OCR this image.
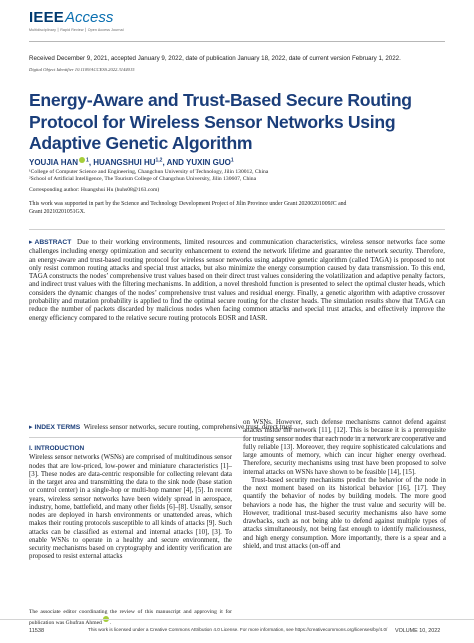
IEEEAccess
Multidisciplinary ⎮ Rapid Review ⎮ Open Access Journal
Received December 9, 2021, accepted January 9, 2022, date of publication January 18, 2022, date of current version February 1, 2022.
Digital Object Identifier 10.1109/ACCESS.2022.3144015
Energy-Aware and Trust-Based Secure Routing Protocol for Wireless Sensor Networks Using Adaptive Genetic Algorithm
YOUJIA HAN $^1$, HUANGSHUI HU$^{1,2}$, AND YUXIN GUO$^1$
¹College of Computer Science and Engineering, Changchun University of Technology, Jilin 130012, China
²School of Artificial Intelligence, The Tourism College of Changchun University, Jilin 130607, China
Corresponding author: Huangshui Hu (huhs08@163.com)
This work was supported in part by the Science and Technology Development Project of Jilin Province under Grant 20200201009JC and Grant 20210201051GX.
▸ ABSTRACT Due to their working environments, limited resources and communication characteristics, wireless sensor networks face some challenges including energy optimization and security enhancement to extend the network lifetime and guarantee the network security. Therefore, an energy-aware and trust-based routing protocol for wireless sensor networks using adaptive genetic algorithm (called TAGA) is proposed to not only resist common routing attacks and special trust attacks, but also minimize the energy consumption caused by data transmission. To this end, TAGA constructs the nodes’ comprehensive trust values based on their direct trust values considering the volatilization and adaptive penalty factors, and indirect trust values with the filtering mechanisms. In addition, a novel threshold function is presented to select the optimal cluster heads, which considers the dynamic changes of the nodes’ comprehensive trust values and residual energy. Finally, a genetic algorithm with adaptive crossover probability and mutation probability is applied to find the optimal secure routing for the cluster heads. The simulation results show that TAGA can reduce the number of packets discarded by malicious nodes when facing common attacks and special trust attacks, and effectively improve the energy efficiency compared to the relative secure routing protocols EOSR and IASR.
▸ INDEX TERMS Wireless sensor networks, secure routing, comprehensive trust, direct trust.
I. INTRODUCTION

Wireless sensor networks (WSNs) are comprised of multitudinous sensor nodes that are low-priced, low-power and miniature characteristics [1]–[3]. These nodes are data-centric responsible for collecting relevant data in the target area and transmitting the data to the sink node (base station or control center) in a single-hop or multi-hop manner [4], [5]. In recent years, wireless sensor networks have been widely spread in aerospace, industry, home, battlefield, and many other fields [6]–[8]. Usually, sensor nodes are deployed in harsh environments or unattended areas, which makes their routing protocols susceptible to all kinds of attacks [9]. Such attacks can be classified as external and internal attacks [10], [3]. To enable WSNs to operate in a healthy and secure environment, the security mechanisms based on cryptography and identity verification are proposed to resist external attacks

on WSNs. However, such defense mechanisms cannot defend against attacks inside the network [11], [12]. This is because it is a prerequisite for trusting sensor nodes that each node in a network are cooperative and fully reliable [13]. Moreover, they require sophisticated calculations and large amounts of memory, which can incur higher energy overhead. Therefore, security mechanisms using trust have been proposed to solve internal attacks on WSNs have shown to be feasible [14], [15].

Trust-based security mechanisms predict the behavior of the node in the next moment based on its historical behavior [16], [17]. They quantify the behavior of nodes by building models. The more good behaviors a node has, the higher the trust value and security will be. However, traditional trust-based security mechanisms also have some drawbacks, such as not being able to defend against multiple types of attacks simultaneously, not being fast enough to identify maliciousness, and high energy consumption. More importantly, there is a spear and a shield, and trust attacks (on-off and

The associate editor coordinating the review of this manuscript and approving it for publication was Ghufran Ahmed .
11538	This work is licensed under a Creative Commons Attribution 4.0 License. For more information, see https://creativecommons.org/licenses/by/4.0/	VOLUME 10, 2022
